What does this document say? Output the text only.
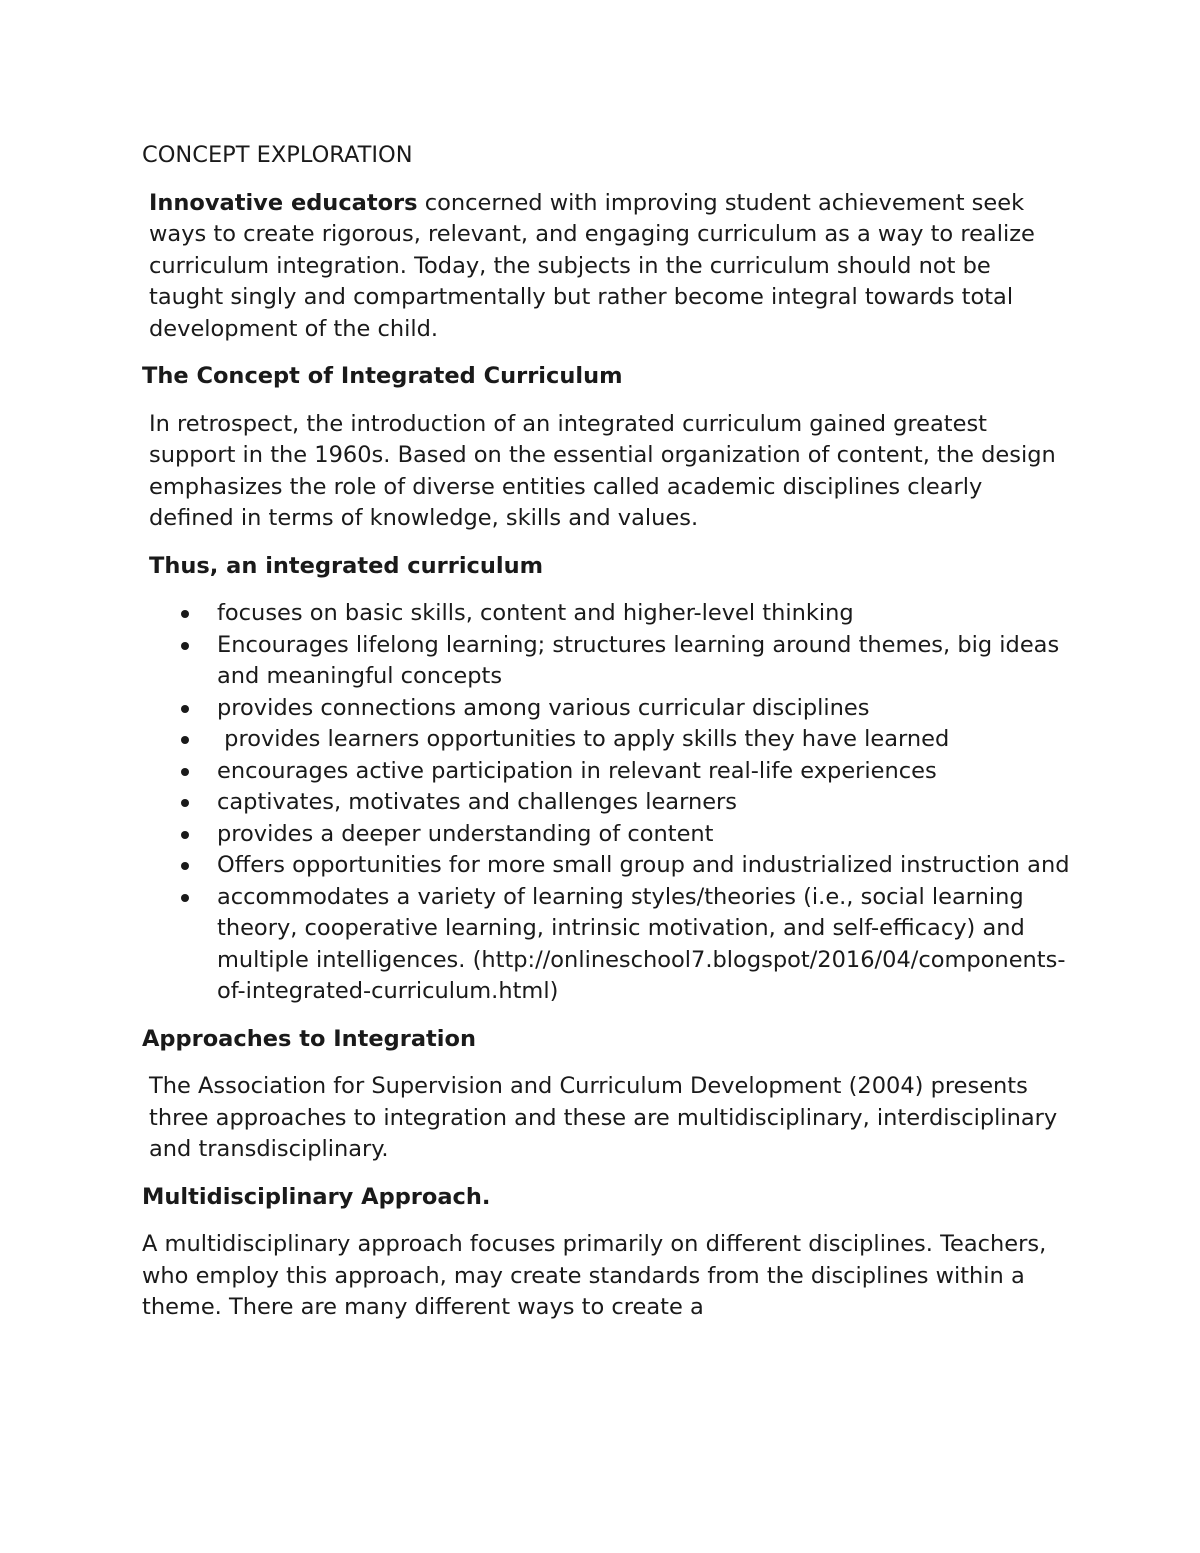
CONCEPT EXPLORATION

Innovative educators concerned with improving student achievement seek ways to create rigorous, relevant, and engaging curriculum as a way to realize curriculum integration. Today, the subjects in the curriculum should not be taught singly and compartmentally but rather become integral towards total development of the child.

The Concept of Integrated Curriculum

In retrospect, the introduction of an integrated curriculum gained greatest support in the 1960s. Based on the essential organization of content, the design emphasizes the role of diverse entities called academic disciplines clearly defined in terms of knowledge, skills and values.

Thus, an integrated curriculum
focuses on basic skills, content and higher-level thinking
Encourages lifelong learning; structures learning around themes, big ideas and meaningful concepts
provides connections among various curricular disciplines
provides learners opportunities to apply skills they have learned
encourages active participation in relevant real-life experiences
captivates, motivates and challenges learners
provides a deeper understanding of content
Offers opportunities for more small group and industrialized instruction and
accommodates a variety of learning styles/theories (i.e., social learning theory, cooperative learning, intrinsic motivation, and self-efficacy) and multiple intelligences. (http://onlineschool7.blogspot/2016/04/components-of-integrated-curriculum.html)
Approaches to Integration

The Association for Supervision and Curriculum Development (2004) presents three approaches to integration and these are multidisciplinary, interdisciplinary and transdisciplinary.

Multidisciplinary Approach.

A multidisciplinary approach focuses primarily on different disciplines. Teachers, who employ this approach, may create standards from the disciplines within a theme. There are many different ways to create a
